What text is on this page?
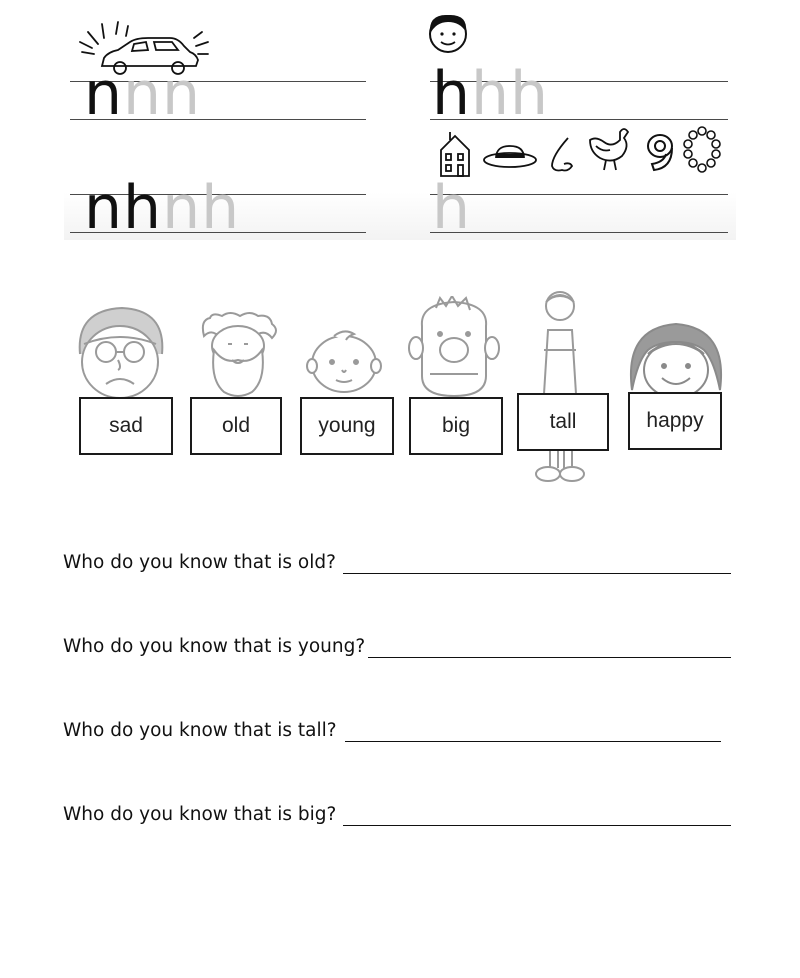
nnn
nhnh
hhh
h
sad	old	young	big	tall	happy
Who do you know that is old?
Who do you know that is young?
Who do you know that is tall?
Who do you know that is big?
